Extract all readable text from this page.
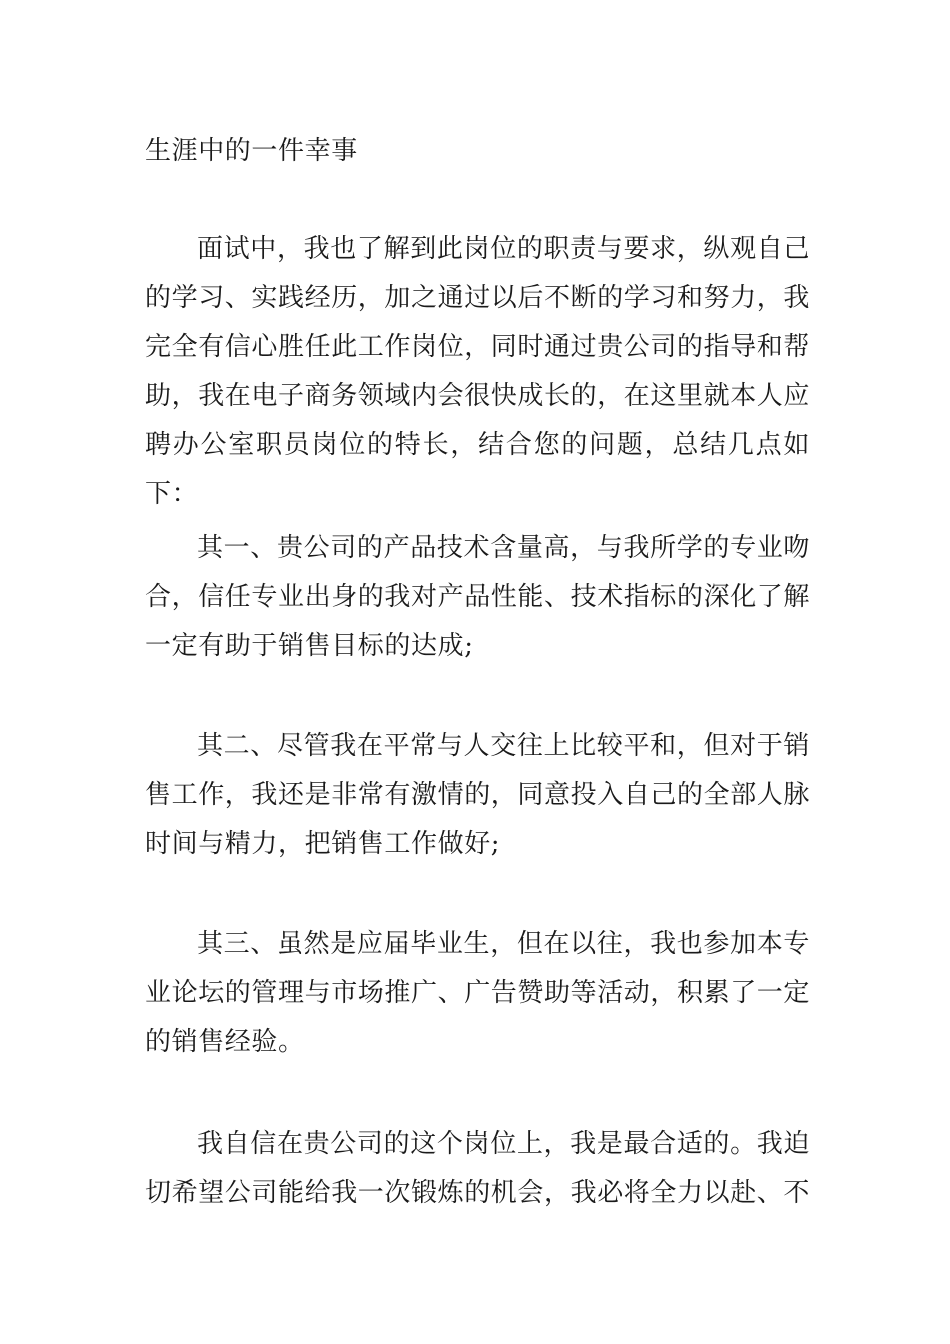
生涯中的一件幸事

面试中，我也了解到此岗位的职责与要求，纵观自己的学习、实践经历，加之通过以后不断的学习和努力，我完全有信心胜任此工作岗位，同时通过贵公司的指导和帮助，我在电子商务领域内会很快成长的，在这里就本人应聘办公室职员岗位的特长，结合您的问题，总结几点如下：

其一、贵公司的产品技术含量高，与我所学的专业吻合，信任专业出身的我对产品性能、技术指标的深化了解一定有助于销售目标的达成;

其二、尽管我在平常与人交往上比较平和，但对于销售工作，我还是非常有激情的，同意投入自己的全部人脉时间与精力，把销售工作做好;

其三、虽然是应届毕业生，但在以往，我也参加本专业论坛的管理与市场推广、广告赞助等活动，积累了一定的销售经验。

我自信在贵公司的这个岗位上，我是最合适的。我迫切希望公司能给我一次锻炼的机会，我必将全力以赴、不
